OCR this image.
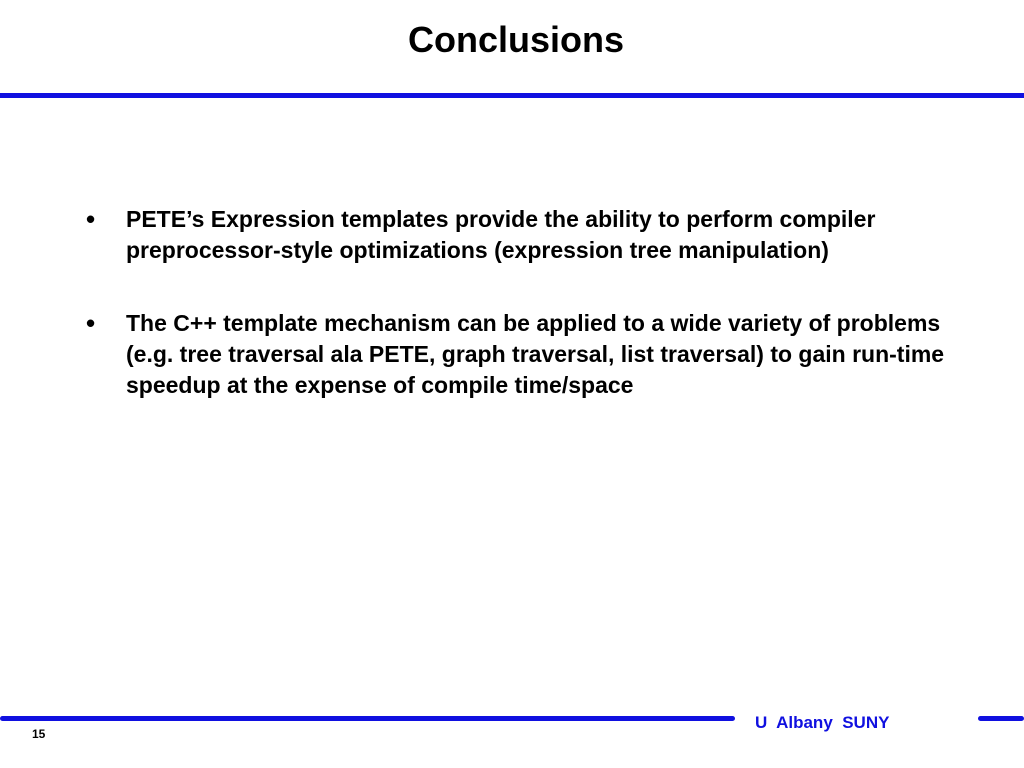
Conclusions
• PETE’s Expression templates provide the ability to perform compiler preprocessor-style optimizations (expression tree manipulation)
• The C++ template mechanism can be applied to a wide variety of problems (e.g. tree traversal ala PETE, graph traversal, list traversal) to gain run-time speedup at the expense of compile time/space
U  Albany  SUNY
15
